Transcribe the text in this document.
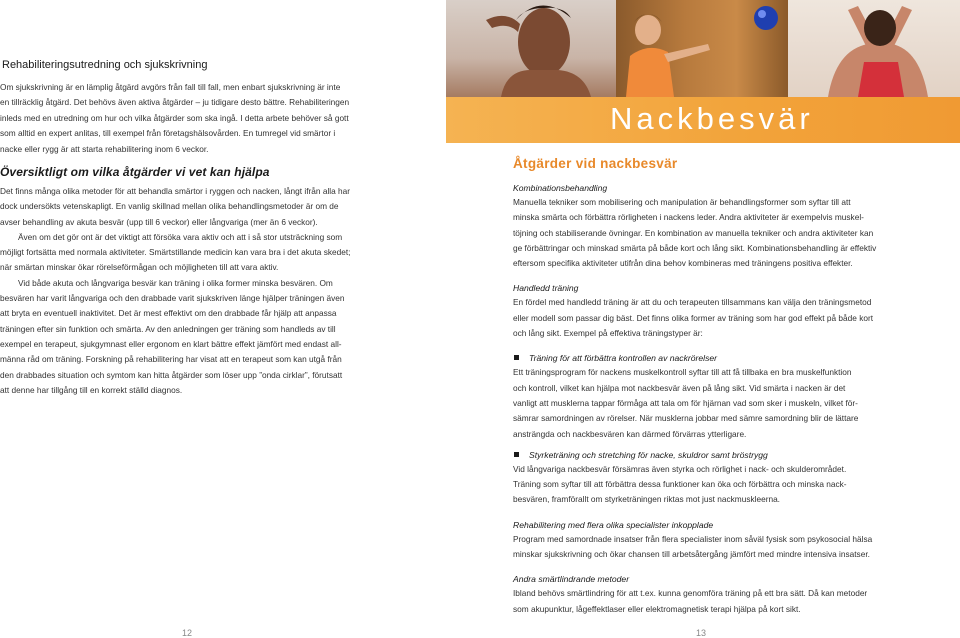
Rehabiliteringsutredning och sjukskrivning

Om sjukskrivning är en lämplig åtgärd avgörs från fall till fall, men enbart sjukskrivning är inte

en tillräcklig åtgärd. Det behövs även aktiva åtgärder – ju tidigare desto bättre. Rehabiliteringen

inleds med en utredning om hur och vilka åtgärder som ska ingå. I detta arbete behöver så gott

som alltid en expert anlitas, till exempel från företagshälsovården. En tumregel vid smärtor i

nacke eller rygg är att starta rehabilitering inom 6 veckor.

Översiktligt om vilka åtgärder vi vet kan hjälpa

Det finns många olika metoder för att behandla smärtor i ryggen och nacken, långt ifrån alla har

dock undersökts vetenskapligt. En vanlig skillnad mellan olika behandlingsmetoder är om de

avser behandling av akuta besvär (upp till 6 veckor) eller långvariga (mer än 6 veckor).

Även om det gör ont är det viktigt att försöka vara aktiv och att i så stor utsträckning som

möjligt fortsätta med normala aktiviteter. Smärtstillande medicin kan vara bra i det akuta skedet;

när smärtan minskar ökar rörelseförmågan och möjligheten till att vara aktiv.

Vid både akuta och långvariga besvär kan träning i olika former minska besvären. Om

besvären har varit långvariga och den drabbade varit sjukskriven länge hjälper träningen även

att bryta en eventuell inaktivitet. Det är mest effektivt om den drabbade får hjälp att anpassa

träningen efter sin funktion och smärta. Av den anledningen ger träning som handleds av till

exempel en terapeut, sjukgymnast eller ergonom en klart bättre effekt jämfört med endast all-

männa råd om träning. Forskning på rehabilitering har visat att en terapeut som kan utgå från

den drabbades situation och symtom kan hitta åtgärder som löser upp ”onda cirklar”, förutsatt

att denne har tillgång till en korrekt ställd diagnos.

12
Nackbesvär
Åtgärder vid nackbesvär

Kombinationsbehandling

Manuella tekniker som mobilisering och manipulation är behandlingsformer som syftar till att

minska smärta och förbättra rörligheten i nackens leder. Andra aktiviteter är exempelvis muskel-

töjning och stabiliserande övningar. En kombination av manuella tekniker och andra aktiviteter kan

ge förbättringar och minskad smärta på både kort och lång sikt. Kombinationsbehandling är effektiv

eftersom specifika aktiviteter utifrån dina behov kombineras med träningens positiva effekter.

Handledd träning

En fördel med handledd träning är att du och terapeuten tillsammans kan välja den träningsmetod

eller modell som passar dig bäst. Det finns olika former av träning som har god effekt på både kort

och lång sikt. Exempel på effektiva träningstyper är:

Träning för att förbättra kontrollen av nackrörelser

Ett träningsprogram för nackens muskelkontroll syftar till att få tillbaka en bra muskelfunktion

och kontroll, vilket kan hjälpa mot nackbesvär även på lång sikt. Vid smärta i nacken är det

vanligt att musklerna tappar förmåga att tala om för hjärnan vad som sker i muskeln, vilket för-

sämrar samordningen av rörelser. När musklerna jobbar med sämre samordning blir de lättare

ansträngda och nackbesvären kan därmed förvärras ytterligare.

Styrketräning och stretching för nacke, skuldror samt bröstrygg

Vid långvariga nackbesvär försämras även styrka och rörlighet i nack- och skulderområdet.

Träning som syftar till att förbättra dessa funktioner kan öka och förbättra och minska nack-

besvären, framförallt om styrketräningen riktas mot just nackmuskleerna.

Rehabilitering med flera olika specialister inkopplade

Program med samordnade insatser från flera specialister inom såväl fysisk som psykosocial hälsa

minskar sjukskrivning och ökar chansen till arbetsåtergång jämfört med mindre intensiva insatser.

Andra smärtlindrande metoder

Ibland behövs smärtlindring för att t.ex. kunna genomföra träning på ett bra sätt. Då kan metoder

som akupunktur, lågeffektlaser eller elektromagnetisk terapi hjälpa på kort sikt.

13
